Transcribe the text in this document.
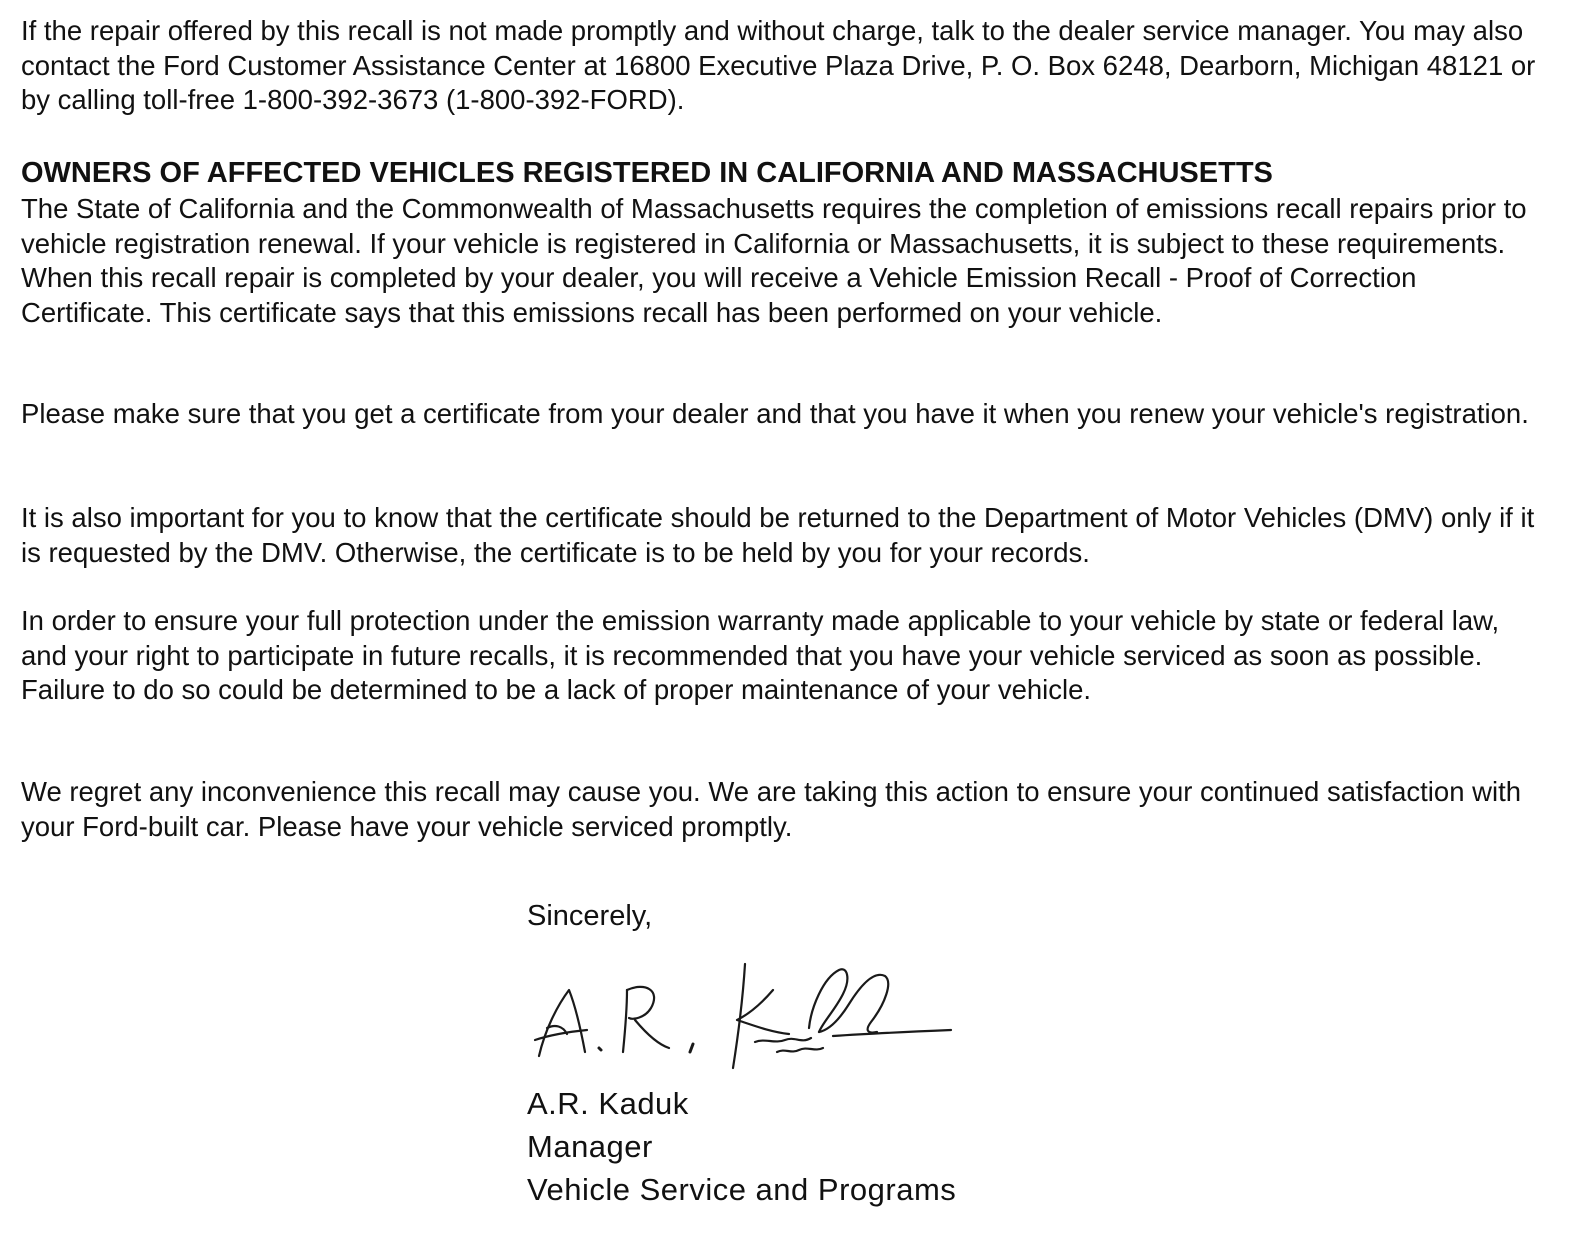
If the repair offered by this recall is not made promptly and without charge, talk to the dealer service manager. You may also contact the Ford Customer Assistance Center at 16800 Executive Plaza Drive, P. O. Box 6248, Dearborn, Michigan 48121 or by calling toll-free 1-800-392-3673 (1-800-392-FORD).

OWNERS OF AFFECTED VEHICLES REGISTERED IN CALIFORNIA AND MASSACHUSETTS

The State of California and the Commonwealth of Massachusetts requires the completion of emissions recall repairs prior to vehicle registration renewal. If your vehicle is registered in California or Massachusetts, it is subject to these requirements. When this recall repair is completed by your dealer, you will receive a Vehicle Emission Recall - Proof of Correction Certificate. This certificate says that this emissions recall has been performed on your vehicle.

Please make sure that you get a certificate from your dealer and that you have it when you renew your vehicle's registration.

It is also important for you to know that the certificate should be returned to the Department of Motor Vehicles (DMV) only if it is requested by the DMV. Otherwise, the certificate is to be held by you for your records.

In order to ensure your full protection under the emission warranty made applicable to your vehicle by state or federal law, and your right to participate in future recalls, it is recommended that you have your vehicle serviced as soon as possible. Failure to do so could be determined to be a lack of proper maintenance of your vehicle.

We regret any inconvenience this recall may cause you. We are taking this action to ensure your continued satisfaction with your Ford-built car. Please have your vehicle serviced promptly.

Sincerely,

A.R. Kaduk

Manager

Vehicle Service and Programs
